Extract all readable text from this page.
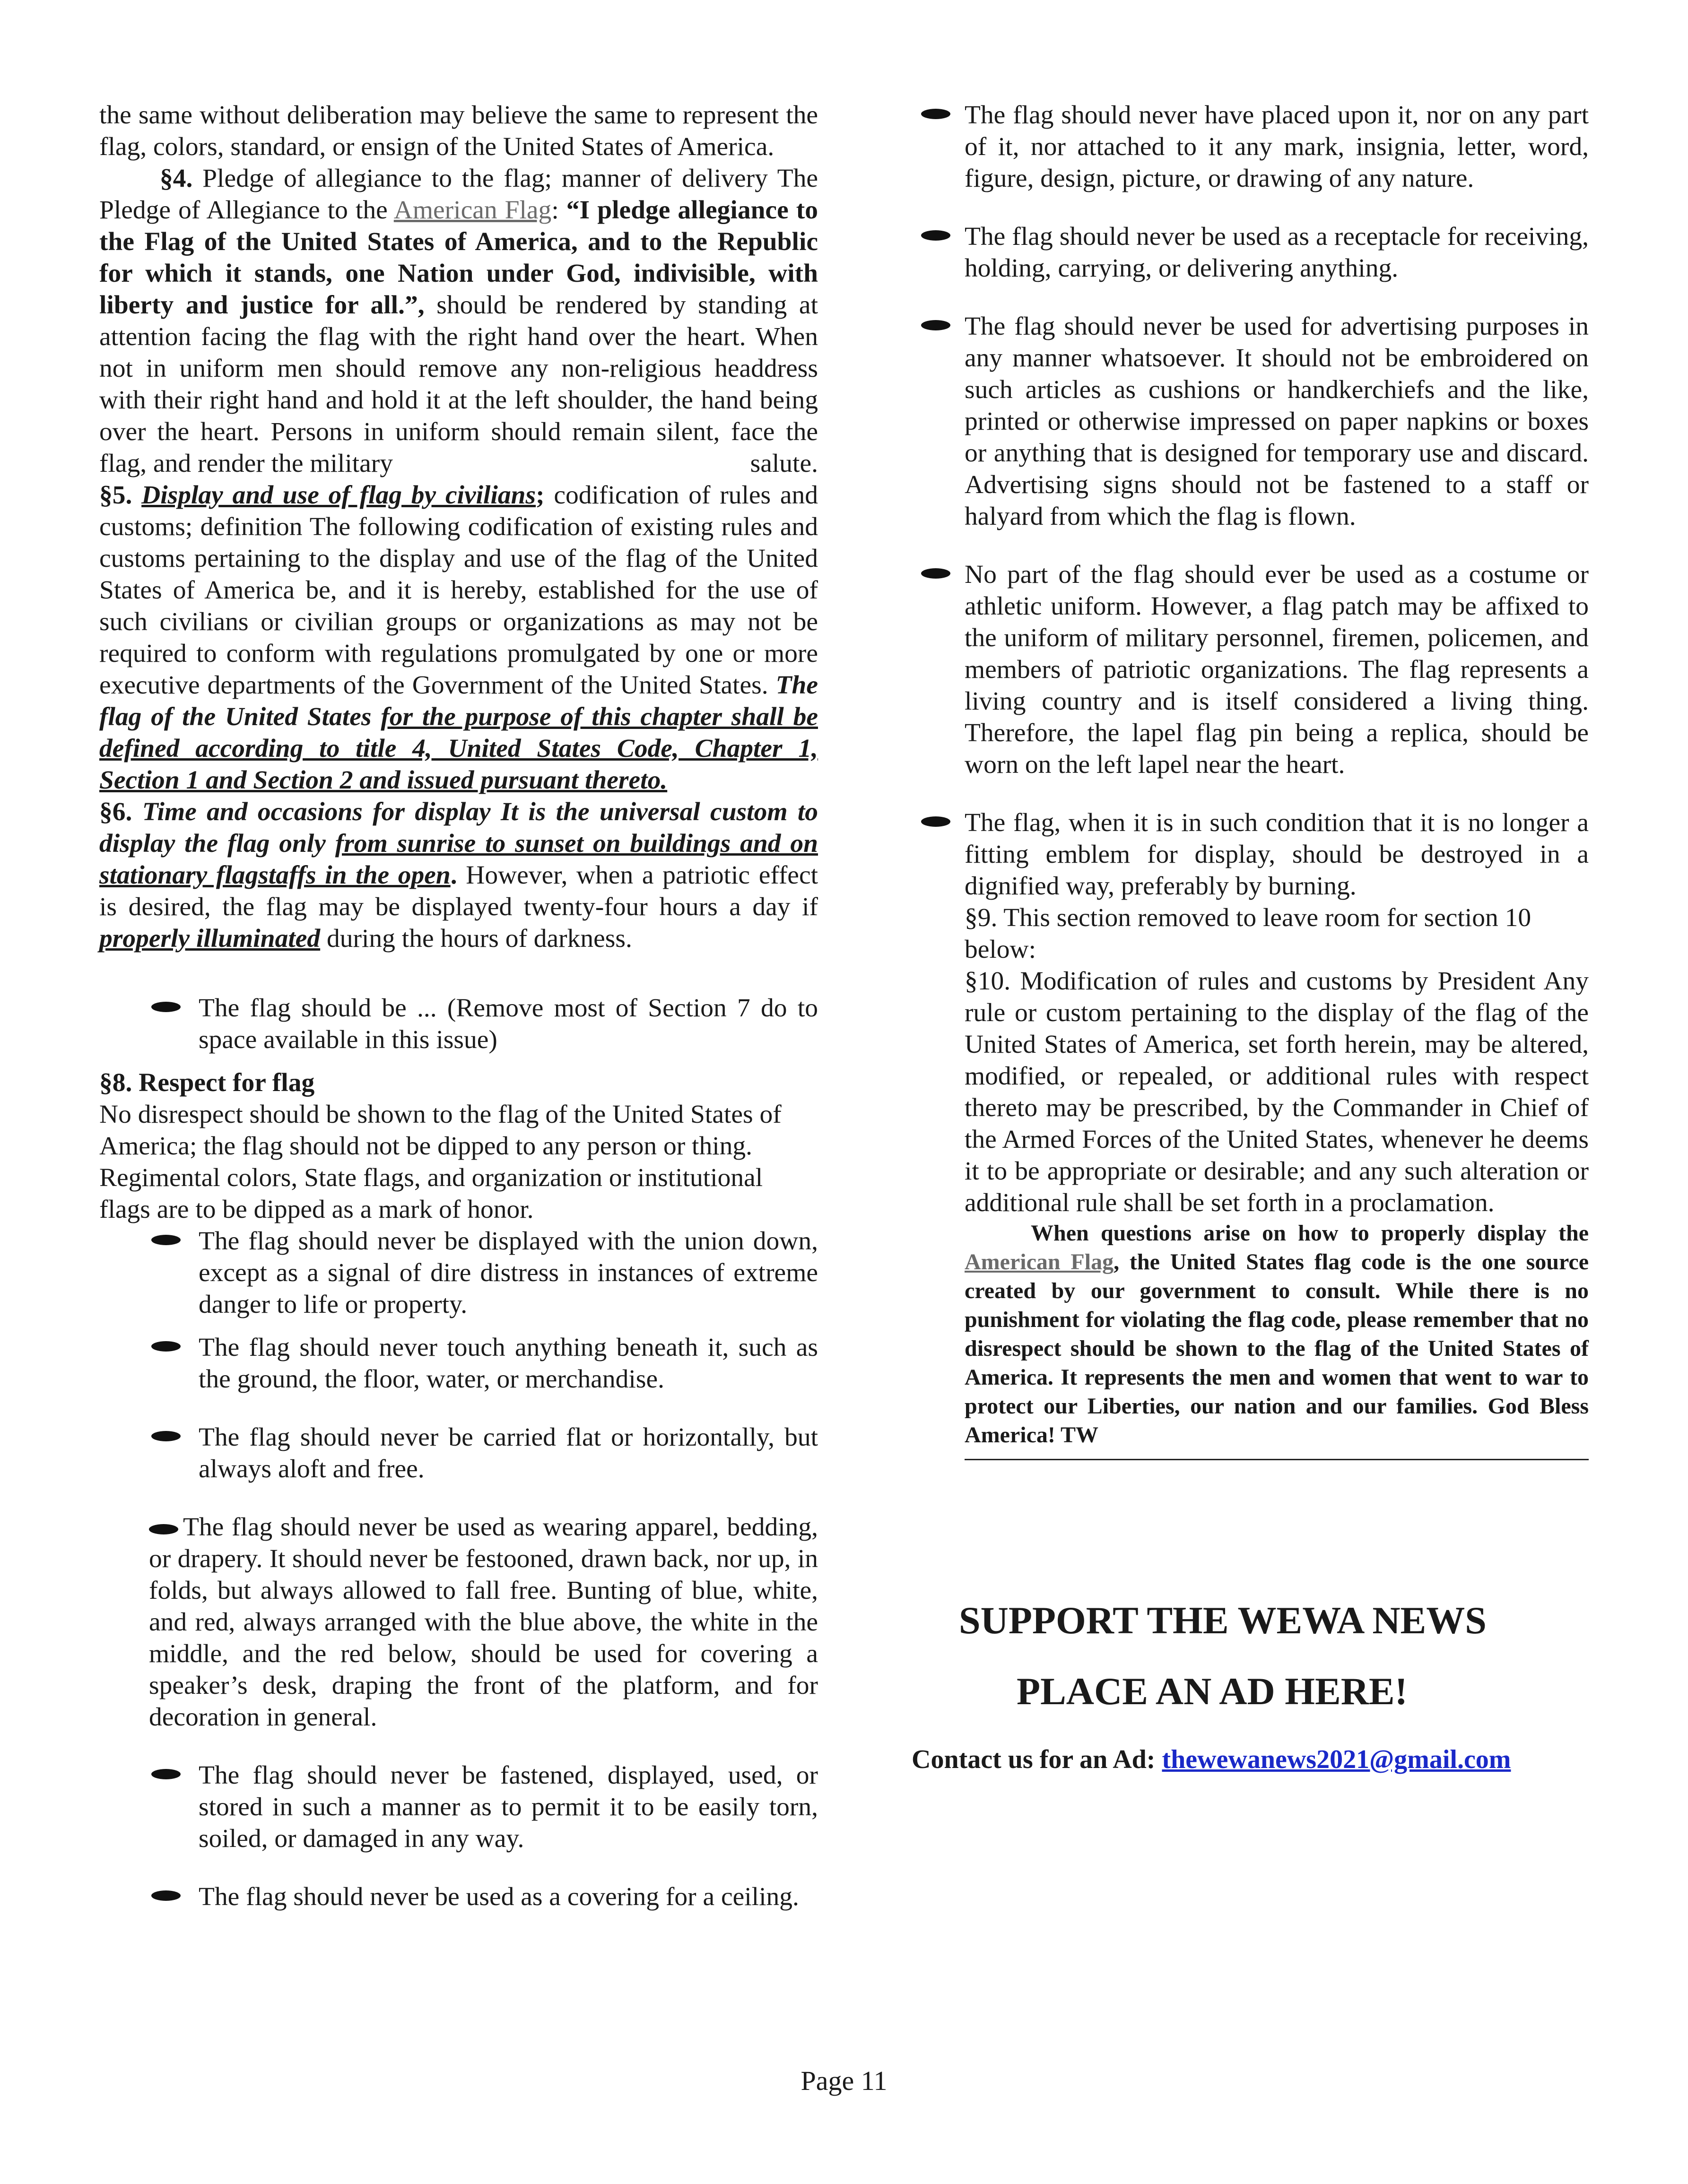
the same without deliberation may believe the same to represent the flag, colors, standard, or ensign of the United States of America.

§4. Pledge of allegiance to the flag; manner of delivery The Pledge of Allegiance to the American Flag: “I pledge allegiance to the Flag of the United States of America, and to the Republic for which it stands, one Nation under God, indivisible, with liberty and justice for all.”, should be rendered by standing at attention facing the flag with the right hand over the heart. When not in uniform men should remove any non-religious headdress with their right hand and hold it at the left shoulder, the hand being over the heart. Persons in uniform should remain silent, face the flag, and render the military	salute.

§5. Display and use of flag by civilians; codification of rules and customs; definition The following codification of existing rules and customs pertaining to the display and use of the flag of the United States of America be, and it is hereby, established for the use of such civilians or civilian groups or organizations as may not be required to conform with regulations promulgated by one or more executive departments of the Government of the United States. The flag of the United States for the purpose of this chapter shall be defined according to title 4, United States Code, Chapter 1, Section 1 and Section 2 and issued pursuant thereto.

§6. Time and occasions for display It is the universal custom to display the flag only from sunrise to sunset on buildings and on stationary flagstaffs in the open. However, when a patriotic effect is desired, the flag may be displayed twenty-four hours a day if properly illuminated during the hours of darkness.

The flag should be ... (Remove most of Section 7 do to space available in this issue)

§8. Respect for flag
No disrespect should be shown to the flag of the United States of America; the flag should not be dipped to any person or thing. Regimental colors, State flags, and organization or institutional flags are to be dipped as a mark of honor.

The flag should never be displayed with the union down, except as a signal of dire distress in instances of extreme danger to life or property.
The flag should never touch anything beneath it, such as the ground, the floor, water, or merchandise.
The flag should never be carried flat or horizontally, but always aloft and free.
The flag should never be used as wearing apparel, bedding, or drapery. It should never be festooned, drawn back, nor up, in folds, but always allowed to fall free. Bunting of blue, white, and red, always arranged with the blue above, the white in the middle, and the red below, should be used for covering a speaker’s desk, draping the front of the platform, and for decoration in general.
The flag should never be fastened, displayed, used, or stored in such a manner as to permit it to be easily torn, soiled, or damaged in any way.
The flag should never be used as a covering for a ceiling.
The flag should never have placed upon it, nor on any part of it, nor attached to it any mark, insignia, letter, word, figure, design, picture, or drawing of any nature.
The flag should never be used as a receptacle for receiving, holding, carrying, or delivering anything.
The flag should never be used for advertising purposes in any manner whatsoever. It should not be embroidered on such articles as cushions or handkerchiefs and the like, printed or otherwise impressed on paper napkins or boxes or anything that is designed for temporary use and discard. Advertising signs should not be fastened to a staff or halyard from which the flag is flown.
No part of the flag should ever be used as a costume or athletic uniform. However, a flag patch may be affixed to the uniform of military personnel, firemen, policemen, and members of patriotic organizations. The flag represents a living country and is itself considered a living thing. Therefore, the lapel flag pin being a replica, should be worn on the left lapel near the heart.
The flag, when it is in such condition that it is no longer a fitting emblem for display, should be destroyed in a dignified way, preferably by burning.

§9. This section removed to leave room for section 10 below:

§10. Modification of rules and customs by President Any rule or custom pertaining to the display of the flag of the United States of America, set forth herein, may be altered, modified, or repealed, or additional rules with respect thereto may be prescribed, by the Commander in Chief of the Armed Forces of the United States, whenever he deems it to be appropriate or desirable; and any such alteration or additional rule shall be set forth in a proclamation.

When questions arise on how to properly display the American Flag, the United States flag code is the one source created by our government to consult. While there is no punishment for violating the flag code, please remember that no disrespect should be shown to the flag of the United States of America. It represents the men and women that went to war to protect our Liberties, our nation and our families. God Bless America! TW

SUPPORT THE WEWA NEWS
PLACE AN AD HERE!
Contact us for an Ad: thewewanews2021@gmail.com
Page 11
